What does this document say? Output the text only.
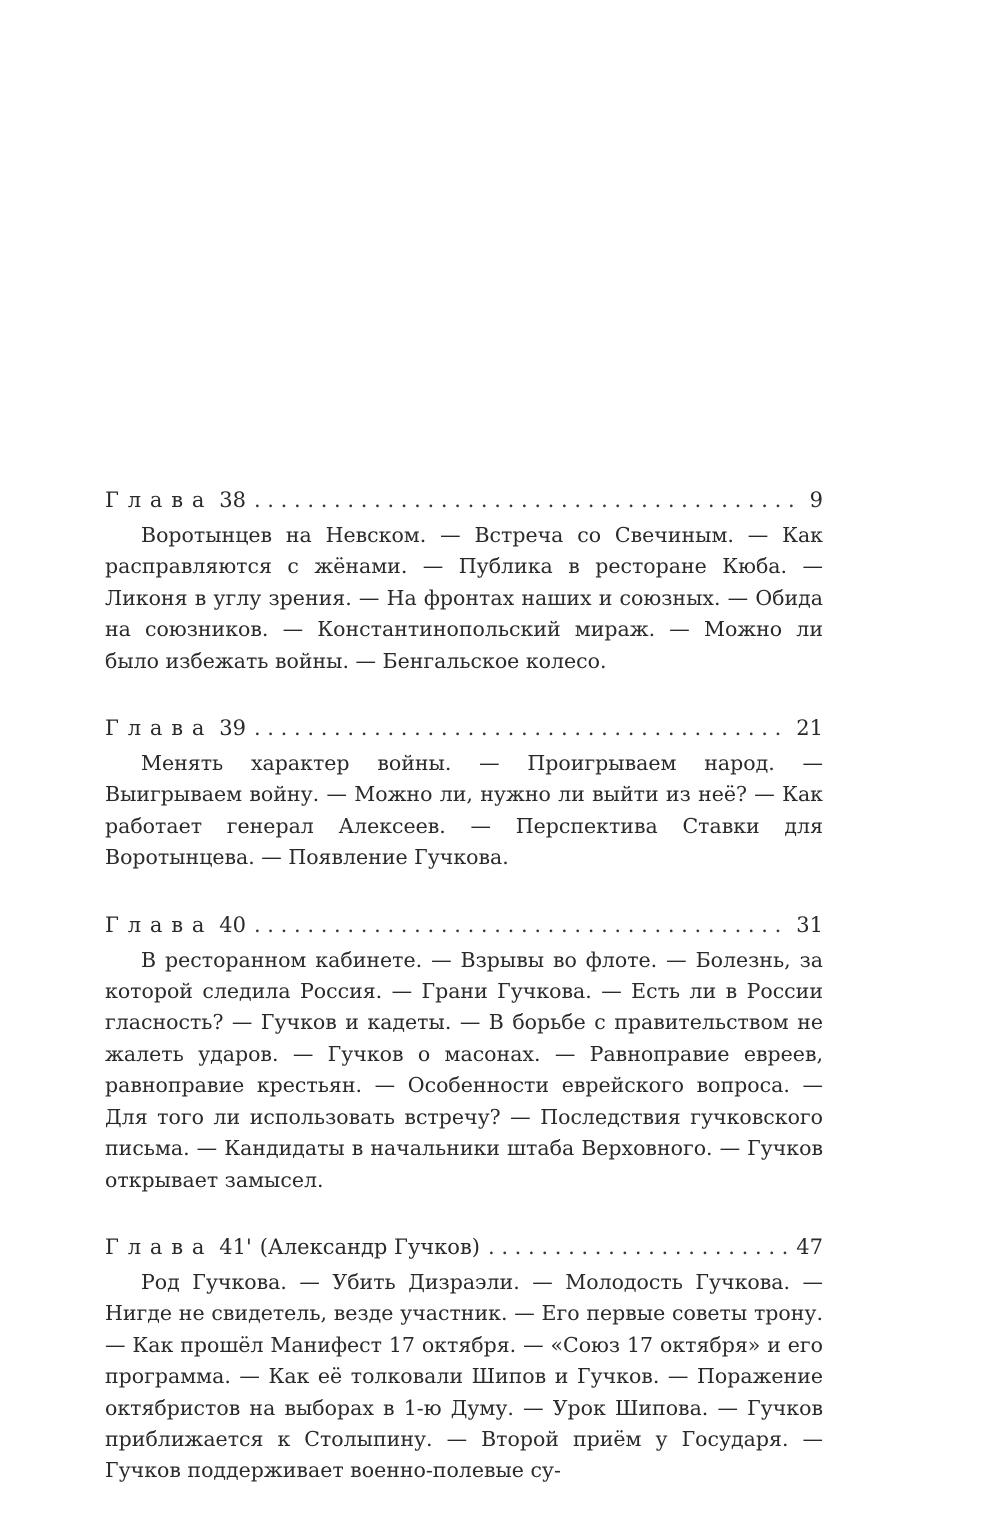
Глава 38 . . .	9
Воротынцев на Невском. — Встреча со Свечиным. — Как расправляются с жёнами. — Публика в ресторане Кюба. — Ликоня в углу зрения. — На фронтах наших и союзных. — Обида на союзников. — Константинопольский мираж. — Можно ли было избежать войны. — Бенгальское колесо.
Глава 39 . . .	21
Менять характер войны. — Проигрываем народ. — Выигрываем войну. — Можно ли, нужно ли выйти из неё? — Как работает генерал Алексеев. — Перспектива Ставки для Воротынцева. — Появление Гучкова.
Глава 40 . . .	31
В ресторанном кабинете. — Взрывы во флоте. — Болезнь, за которой следила Россия. — Грани Гучкова. — Есть ли в России гласность? — Гучков и кадеты. — В борьбе с правительством не жалеть ударов. — Гучков о масонах. — Равноправие евреев, равноправие крестьян. — Особенности еврейского вопроса. — Для того ли использовать встречу? — Последствия гучковского письма. — Кандидаты в начальники штаба Верховного. — Гучков открывает замысел.
Глава 41' (Александр Гучков) . . .	47
Род Гучкова. — Убить Дизраэли. — Молодость Гучкова. — Нигде не свидетель, везде участник. — Его первые советы трону. — Как прошёл Манифест 17 октября. — «Союз 17 октября» и его программа. — Как её толковали Шипов и Гучков. — Поражение октябристов на выборах в 1-ю Думу. — Урок Шипова. — Гучков приближается к Столыпину. — Второй приём у Государя. — Гучков поддерживает военно-полевые су-
